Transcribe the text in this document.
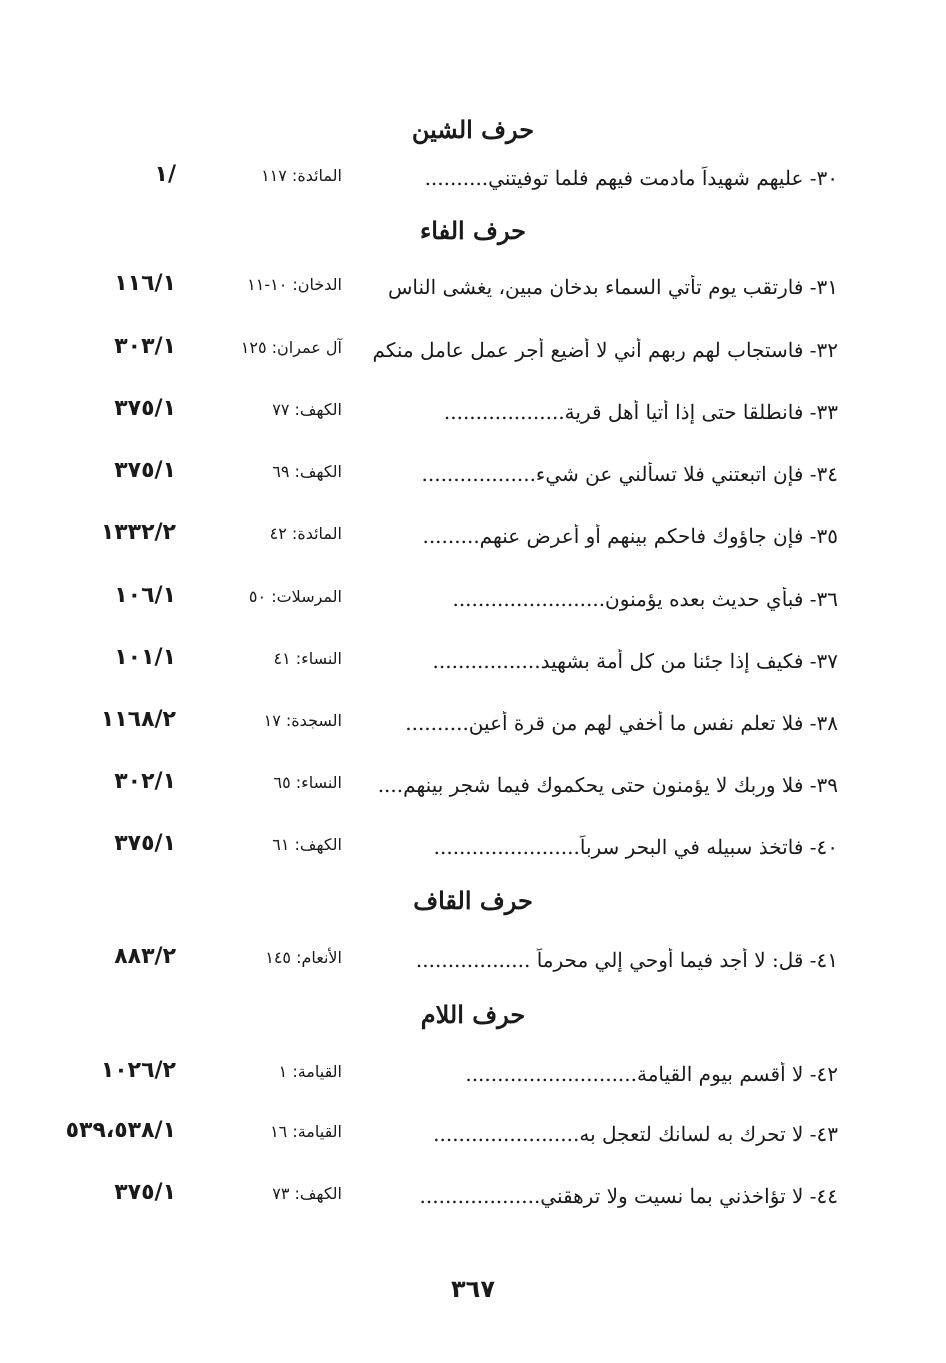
حرف الشين
٣٠- عليهم شهيداً مادمت فيهم فلما توفيتني..........
المائدة: ١١٧
/١
حرف الفاء
٣١- فارتقب يوم تأتي السماء بدخان مبين، يغشى الناس
الدخان: ١٠-١١
١١٦/١
٣٢- فاستجاب لهم ربهم أني لا أضيع أجر عمل عامل منكم
آل عمران: ١٢٥
٣٠٣/١
٣٣- فانطلقا حتى إذا أتيا أهل قرية...................
الكهف: ٧٧
٣٧٥/١
٣٤- فإن اتبعتني فلا تسألني عن شيء..................
الكهف: ٦٩
٣٧٥/١
٣٥- فإن جاؤوك فاحكم بينهم أو أعرض عنهم.........
المائدة: ٤٢
١٣٣٢/٢
٣٦- فبأي حديث بعده يؤمنون........................
المرسلات: ٥٠
١٠٦/١
٣٧- فكيف إذا جئنا من كل أمة بشهيد.................
النساء: ٤١
١٠١/١
٣٨- فلا تعلم نفس ما أخفي لهم من قرة أعين..........
السجدة: ١٧
١١٦٨/٢
٣٩- فلا وربك لا يؤمنون حتى يحكموك فيما شجر بينهم....
النساء: ٦٥
٣٠٢/١
٤٠- فاتخذ سبيله في البحر سرباً.......................
الكهف: ٦١
٣٧٥/١
حرف القاف
٤١- قل: لا أجد فيما أوحي إلي محرماً ..................
الأنعام: ١٤٥
٨٨٣/٢
حرف اللام
٤٢- لا أقسم بيوم القيامة...........................
القيامة: ١
١٠٢٦/٢
٤٣- لا تحرك به لسانك لتعجل به.......................
القيامة: ١٦
٥٣٩،٥٣٨/١
٤٤- لا تؤاخذني بما نسيت ولا ترهقني...................
الكهف: ٧٣
٣٧٥/١
٣٦٧
